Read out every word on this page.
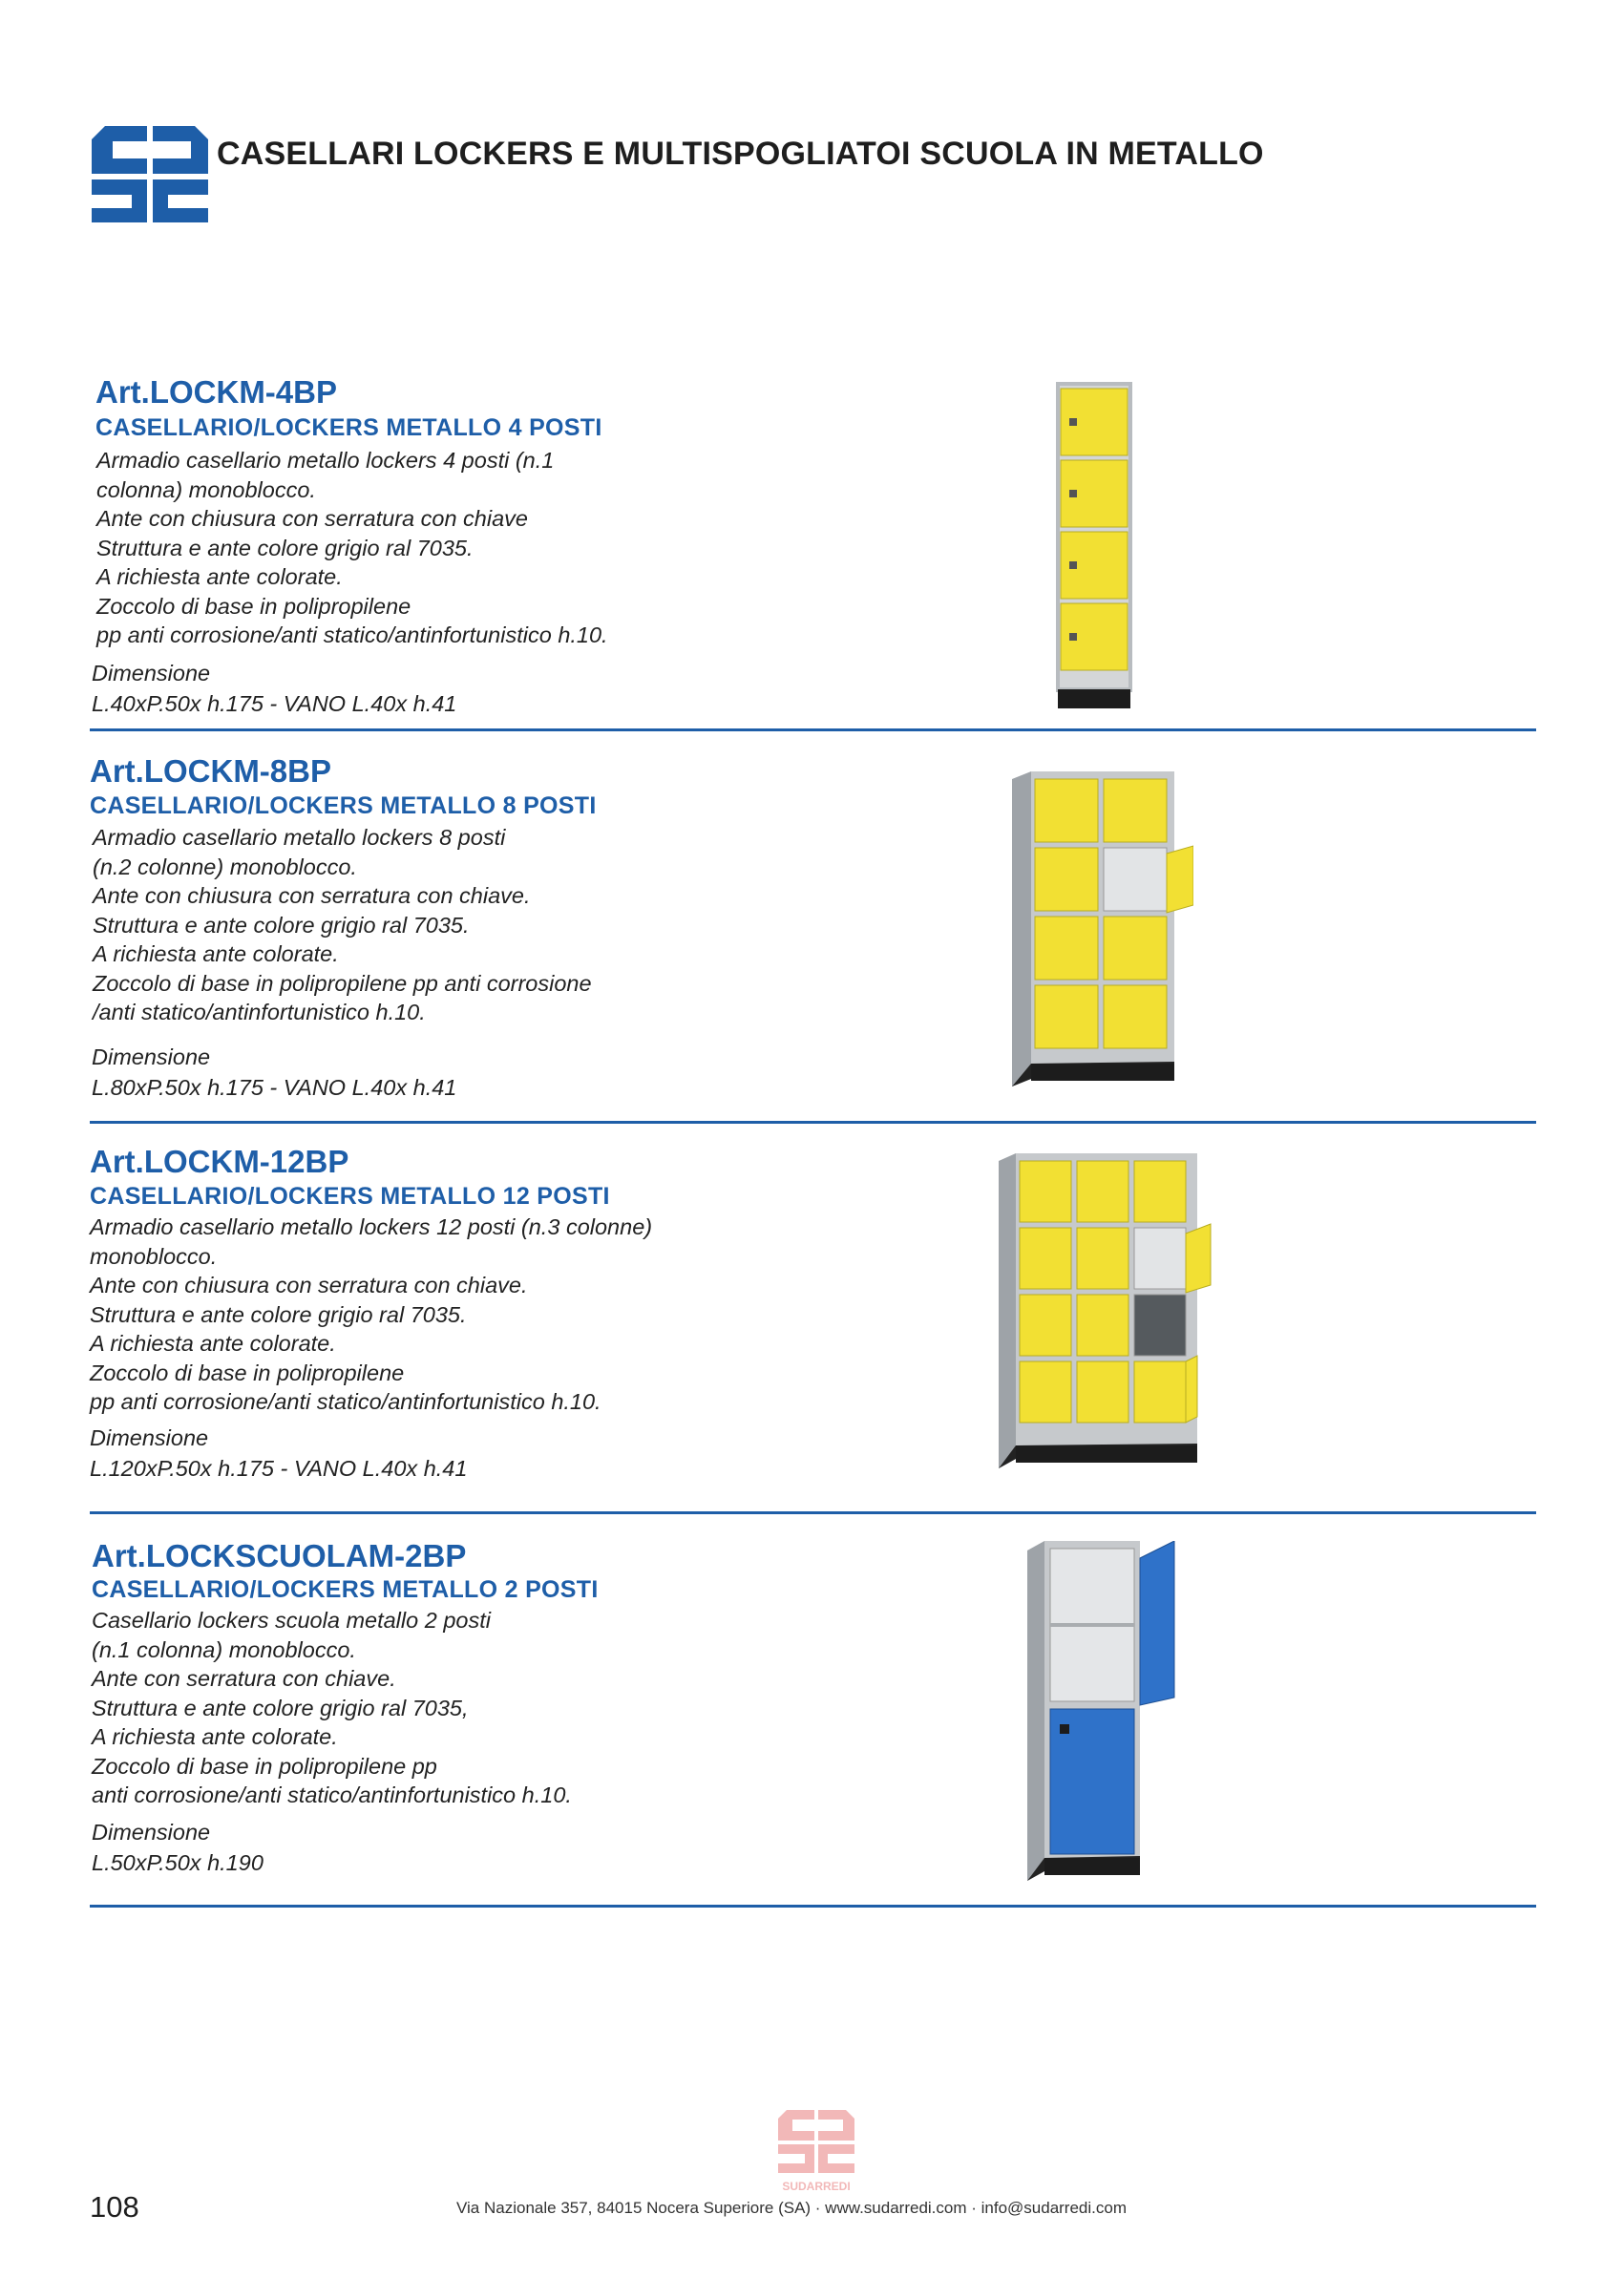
CASELLARI LOCKERS E MULTISPOGLIATOI SCUOLA IN METALLO
Art.LOCKM-4BP
CASELLARIO/LOCKERS METALLO 4 POSTI
Armadio casellario metallo lockers 4 posti (n.1
colonna) monoblocco.
Ante con chiusura con serratura con chiave
Struttura e ante colore grigio ral 7035.
A richiesta ante colorate.
Zoccolo di base in polipropilene
pp anti corrosione/anti statico/antinfortunistico h.10.
Dimensione
L.40xP.50x h.175 - VANO L.40x h.41
Art.LOCKM-8BP
CASELLARIO/LOCKERS METALLO 8 POSTI
Armadio casellario metallo lockers 8 posti
(n.2 colonne) monoblocco.
Ante con chiusura con serratura con chiave.
Struttura e ante colore grigio ral 7035.
A richiesta ante colorate.
Zoccolo di base in polipropilene pp anti corrosione
/anti statico/antinfortunistico h.10.
Dimensione
L.80xP.50x h.175 - VANO L.40x h.41
Art.LOCKM-12BP
CASELLARIO/LOCKERS METALLO 12 POSTI
Armadio casellario metallo lockers 12 posti (n.3 colonne)
monoblocco.
Ante con chiusura con serratura con chiave.
Struttura e ante colore grigio ral 7035.
A richiesta ante colorate.
Zoccolo di base in polipropilene
pp anti corrosione/anti statico/antinfortunistico h.10.
Dimensione
L.120xP.50x h.175 - VANO L.40x h.41
Art.LOCKSCUOLAM-2BP
CASELLARIO/LOCKERS METALLO 2 POSTI
Casellario lockers scuola metallo 2 posti
(n.1 colonna) monoblocco.
Ante con serratura con chiave.
Struttura e ante colore grigio ral 7035,
A richiesta ante colorate.
Zoccolo di base in polipropilene pp
anti corrosione/anti statico/antinfortunistico h.10.
Dimensione
L.50xP.50x h.190
SUDARREDI
108	Via Nazionale 357, 84015 Nocera Superiore (SA) · www.sudarredi.com · info@sudarredi.com
